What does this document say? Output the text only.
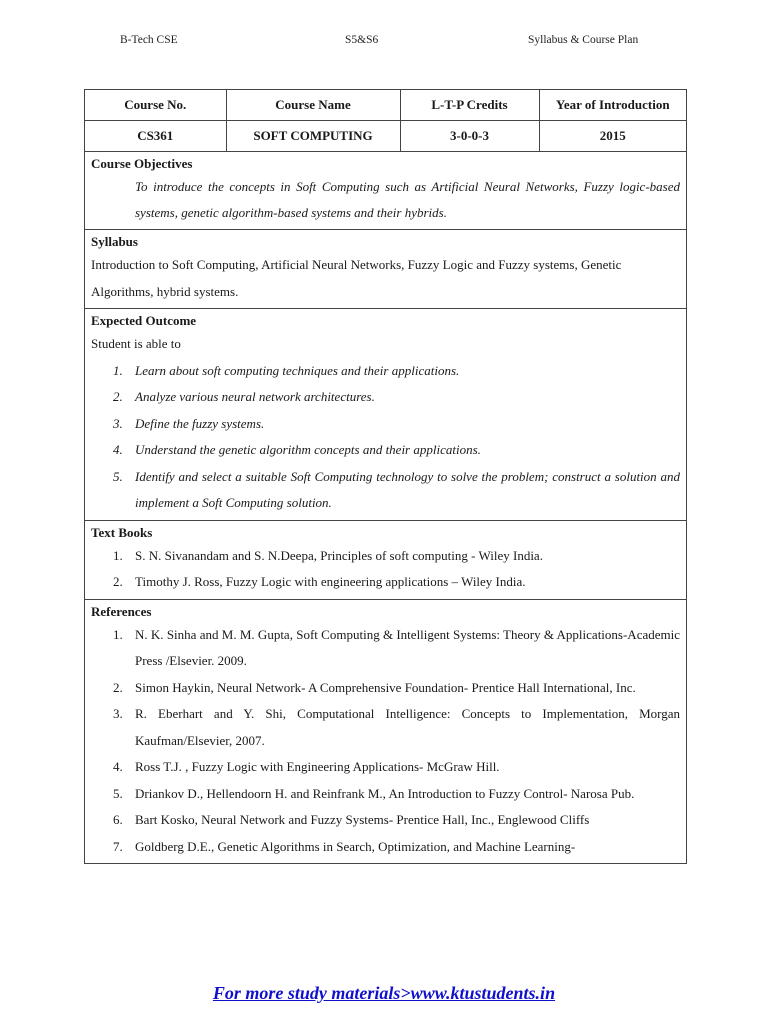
B-Tech CSE	S5&S6	Syllabus & Course Plan
Course No.	Course Name	L-T-P Credits	Year of Introduction
CS361	SOFT COMPUTING	3-0-0-3	2015
Course Objectives

To introduce the concepts in Soft Computing such as Artificial Neural Networks, Fuzzy logic-based systems, genetic algorithm-based systems and their hybrids.

Syllabus

Introduction to Soft Computing, Artificial Neural Networks, Fuzzy Logic and Fuzzy systems, Genetic Algorithms, hybrid systems.

Expected Outcome

Student is able to

1. Learn about soft computing techniques and their applications.
2. Analyze various neural network architectures.
3. Define the fuzzy systems.
4. Understand the genetic algorithm concepts and their applications.
5. Identify and select a suitable Soft Computing technology to solve the problem; construct a solution and implement a Soft Computing solution.
Text Books
1. S. N. Sivanandam and S. N.Deepa, Principles of soft computing - Wiley India.
2. Timothy J. Ross, Fuzzy Logic with engineering applications – Wiley India.
References
1. N. K. Sinha and M. M. Gupta, Soft Computing & Intelligent Systems: Theory & Applications-Academic Press /Elsevier. 2009.
2. Simon Haykin, Neural Network- A Comprehensive Foundation- Prentice Hall International, Inc.
3. R. Eberhart and Y. Shi, Computational Intelligence: Concepts to Implementation, Morgan Kaufman/Elsevier, 2007.
4. Ross T.J. , Fuzzy Logic with Engineering Applications- McGraw Hill.
5. Driankov D., Hellendoorn H. and Reinfrank M., An Introduction to Fuzzy Control- Narosa Pub.
6. Bart Kosko, Neural Network and Fuzzy Systems- Prentice Hall, Inc., Englewood Cliffs
7. Goldberg D.E., Genetic Algorithms in Search, Optimization, and Machine Learning-
For more study materials>www.ktustudents.in
